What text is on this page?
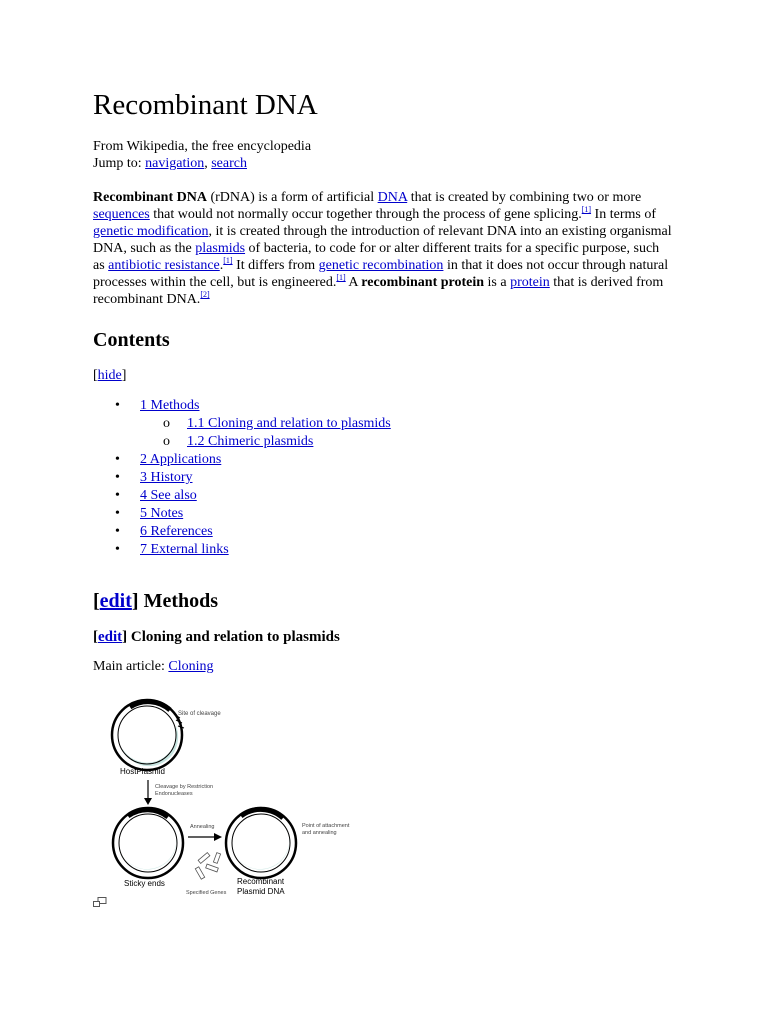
Recombinant DNA
From Wikipedia, the free encyclopedia
Jump to: navigation, search
Recombinant DNA (rDNA) is a form of artificial DNA that is created by combining two or more sequences that would not normally occur together through the process of gene splicing.[1] In terms of genetic modification, it is created through the introduction of relevant DNA into an existing organismal DNA, such as the plasmids of bacteria, to code for or alter different traits for a specific purpose, such as antibiotic resistance.[1] It differs from genetic recombination in that it does not occur through natural processes within the cell, but is engineered.[1] A recombinant protein is a protein that is derived from recombinant DNA.[2]
Contents
[hide]
• 1 Methods
o 1.1 Cloning and relation to plasmids
o 1.2 Chimeric plasmids
• 2 Applications
• 3 History
• 4 See also
• 5 Notes
• 6 References
• 7 External links
[edit] Methods
[edit] Cloning and relation to plasmids
Main article: Cloning
Site of cleavage
HostPlasmid
Cleavage by Restriction
Endonucleases
Sticky ends
Specified Genes
Annealing	Point of attachment
and annealing
Recombinant
Plasmid DNA
